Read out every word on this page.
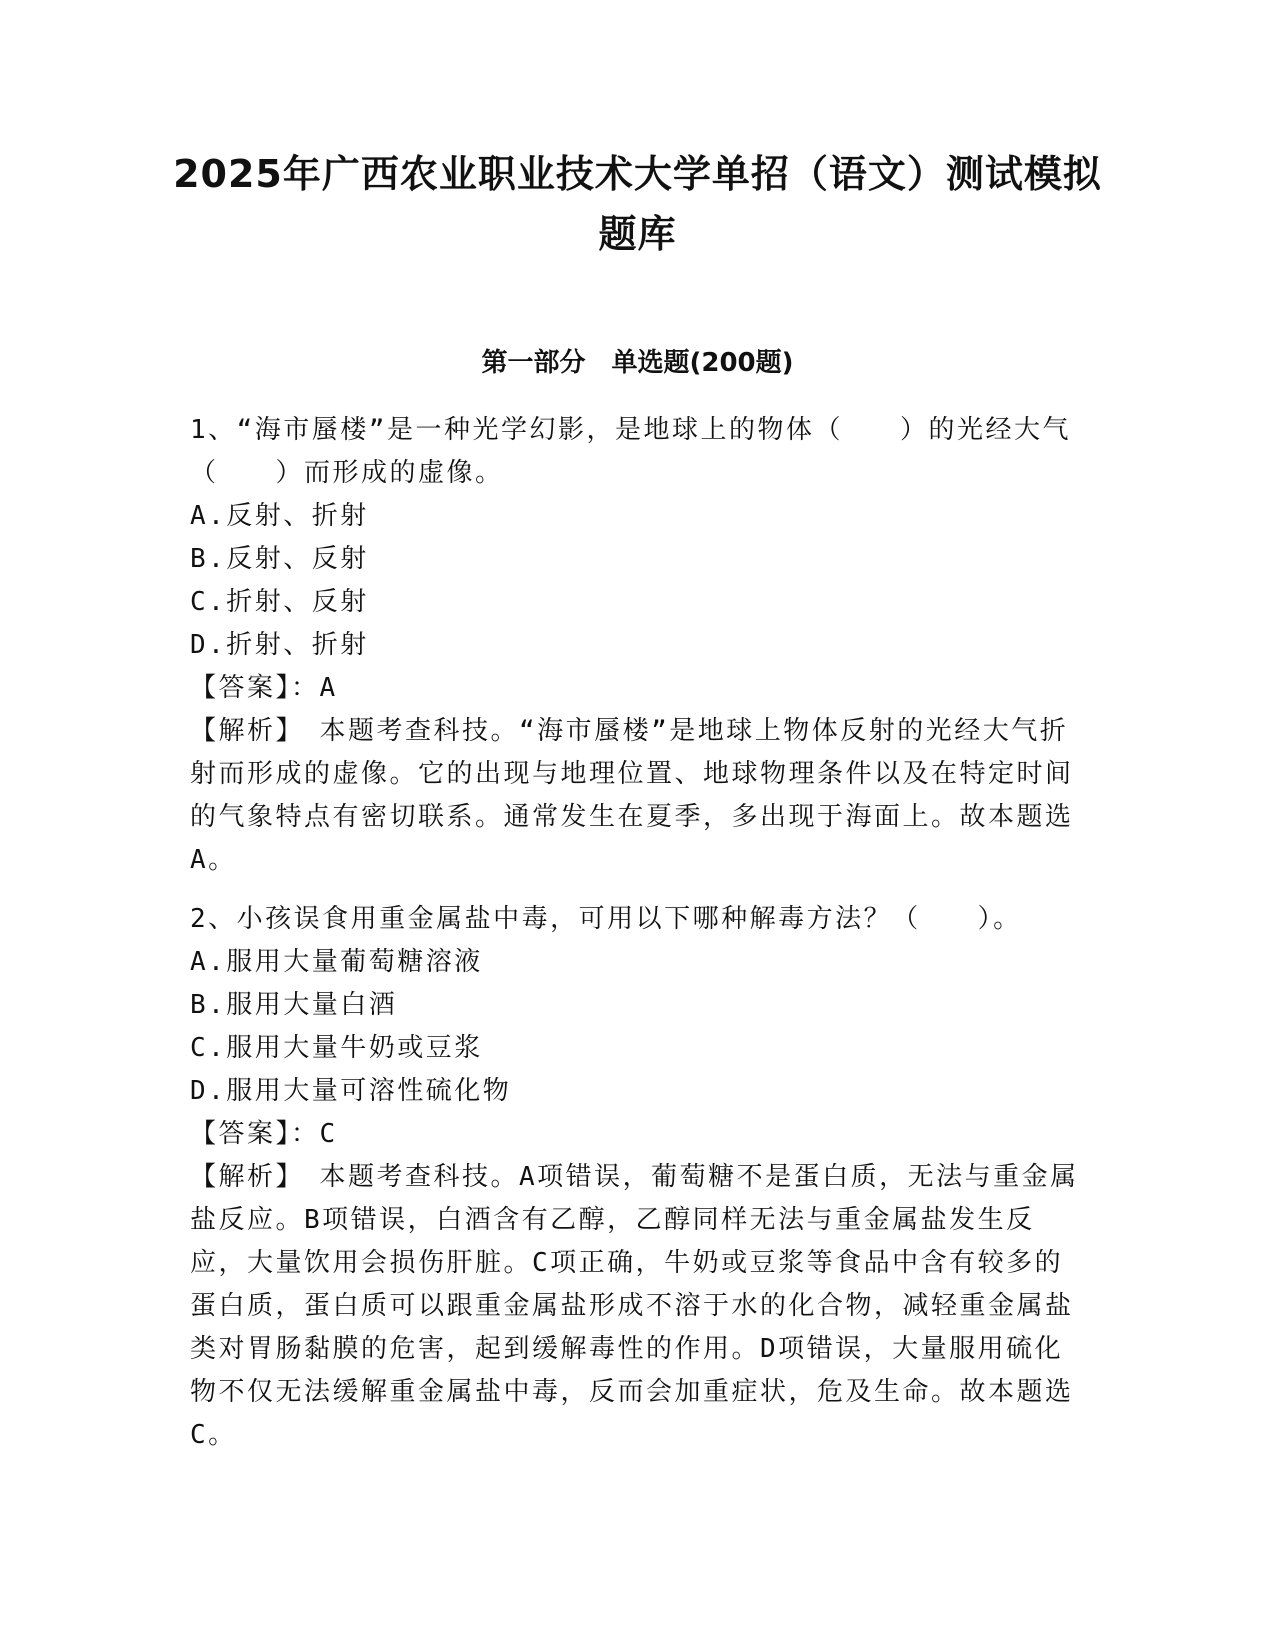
2025年广西农业职业技术大学单招（语文）测试模拟
题库
第一部分　单选题(200题)

1、“海市蜃楼”是一种光学幻影，是地球上的物体（　　）的光经大气（　　）而形成的虚像。

A.反射、折射

B.反射、反射

C.折射、反射

D.折射、折射

【答案】：A

【解析】　本题考查科技。“海市蜃楼”是地球上物体反射的光经大气折射而形成的虚像。它的出现与地理位置、地球物理条件以及在特定时间的气象特点有密切联系。通常发生在夏季，多出现于海面上。故本题选A。

2、小孩误食用重金属盐中毒，可用以下哪种解毒方法？（　　）。

A.服用大量葡萄糖溶液

B.服用大量白酒

C.服用大量牛奶或豆浆

D.服用大量可溶性硫化物

【答案】：C

【解析】　本题考查科技。A项错误，葡萄糖不是蛋白质，无法与重金属盐反应。B项错误，白酒含有乙醇，乙醇同样无法与重金属盐发生反应，大量饮用会损伤肝脏。C项正确，牛奶或豆浆等食品中含有较多的蛋白质，蛋白质可以跟重金属盐形成不溶于水的化合物，减轻重金属盐类对胃肠黏膜的危害，起到缓解毒性的作用。D项错误，大量服用硫化物不仅无法缓解重金属盐中毒，反而会加重症状，危及生命。故本题选C。
